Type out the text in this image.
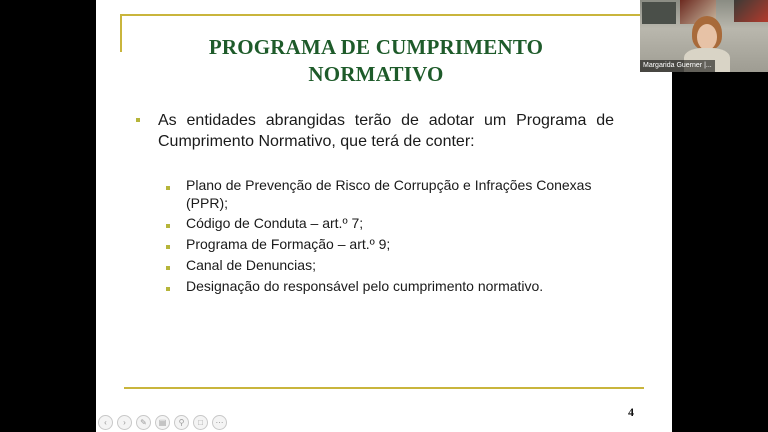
PROGRAMA DE CUMPRIMENTO
NORMATIVO
As entidades abrangidas terão de adotar um Programa de Cumprimento Normativo, que terá de conter:
Plano de Prevenção de Risco de Corrupção e Infrações Conexas (PPR);
Código de Conduta – art.º 7;
Programa de Formação – art.º 9;
Canal de Denuncias;
Designação do responsável pelo cumprimento normativo.
4
‹	›	✎	▤	⚲	□	⋯
Margarida Guerner |...
